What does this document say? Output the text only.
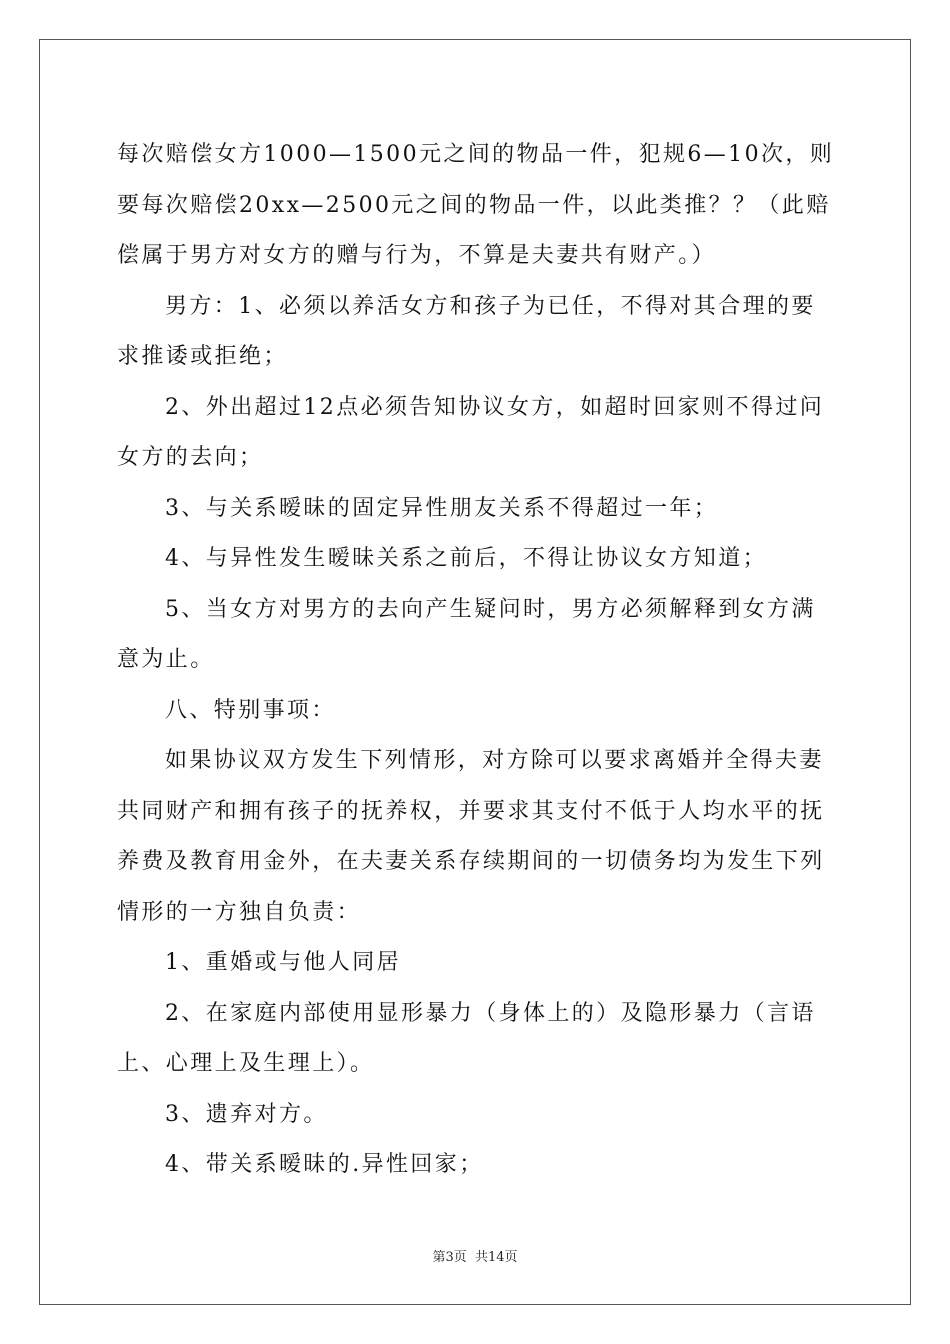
每次赔偿女方1000—1500元之间的物品一件，犯规6—10次，则要每次赔偿20xx—2500元之间的物品一件，以此类推？？（此赔偿属于男方对女方的赠与行为，不算是夫妻共有财产。）

男方：1、必须以养活女方和孩子为已任，不得对其合理的要求推诿或拒绝；

2、外出超过12点必须告知协议女方，如超时回家则不得过问女方的去向；

3、与关系暧昧的固定异性朋友关系不得超过一年；

4、与异性发生暧昧关系之前后，不得让协议女方知道；

5、当女方对男方的去向产生疑问时，男方必须解释到女方满意为止。

八、特别事项：

如果协议双方发生下列情形，对方除可以要求离婚并全得夫妻共同财产和拥有孩子的抚养权，并要求其支付不低于人均水平的抚养费及教育用金外，在夫妻关系存续期间的一切债务均为发生下列情形的一方独自负责：

1、重婚或与他人同居

2、在家庭内部使用显形暴力（身体上的）及隐形暴力（言语上、心理上及生理上）。

3、遗弃对方。

4、带关系暧昧的.异性回家；

第3页 共14页
